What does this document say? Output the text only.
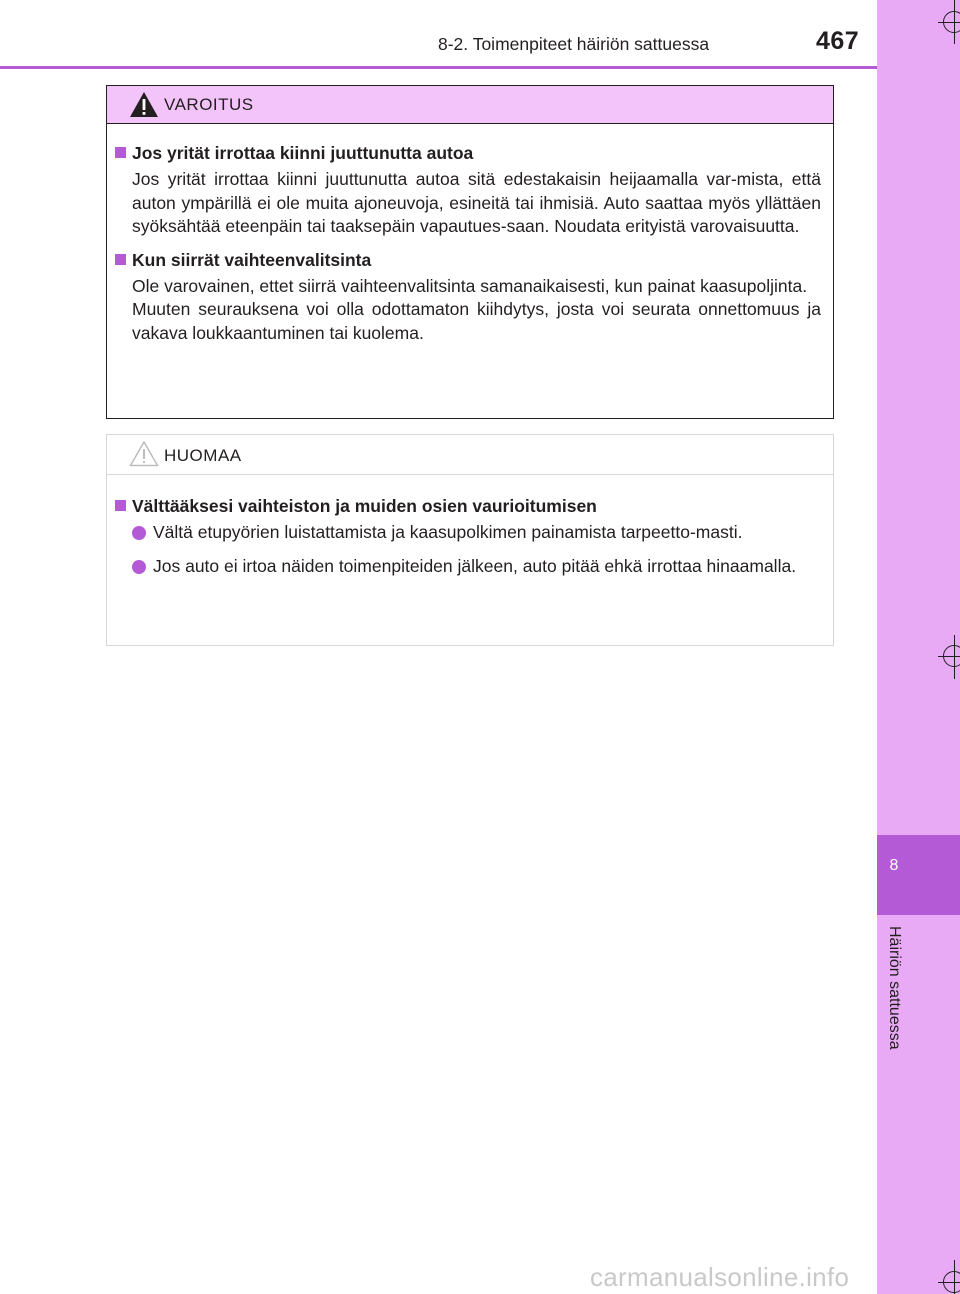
8-2. Toimenpiteet häiriön sattuessa	467
8
Häiriön sattuessa
VAROITUS
Jos yrität irrottaa kiinni juuttunutta autoa

Jos yrität irrottaa kiinni juuttunutta autoa sitä edestakaisin heijaamalla var-mista, että auton ympärillä ei ole muita ajoneuvoja, esineitä tai ihmisiä. Auto saattaa myös yllättäen syöksähtää eteenpäin tai taaksepäin vapautues-saan. Noudata erityistä varovaisuutta.

Kun siirrät vaihteenvalitsinta

Ole varovainen, ettet siirrä vaihteenvalitsinta samanaikaisesti, kun painat kaasupoljinta.

Muuten seurauksena voi olla odottamaton kiihdytys, josta voi seurata onnettomuus ja vakava loukkaantuminen tai kuolema.

HUOMAA
Välttääksesi vaihteiston ja muiden osien vaurioitumisen
Vältä etupyörien luistattamista ja kaasupolkimen painamista tarpeetto-masti.
Jos auto ei irtoa näiden toimenpiteiden jälkeen, auto pitää ehkä irrottaa hinaamalla.
carmanualsonline.info
